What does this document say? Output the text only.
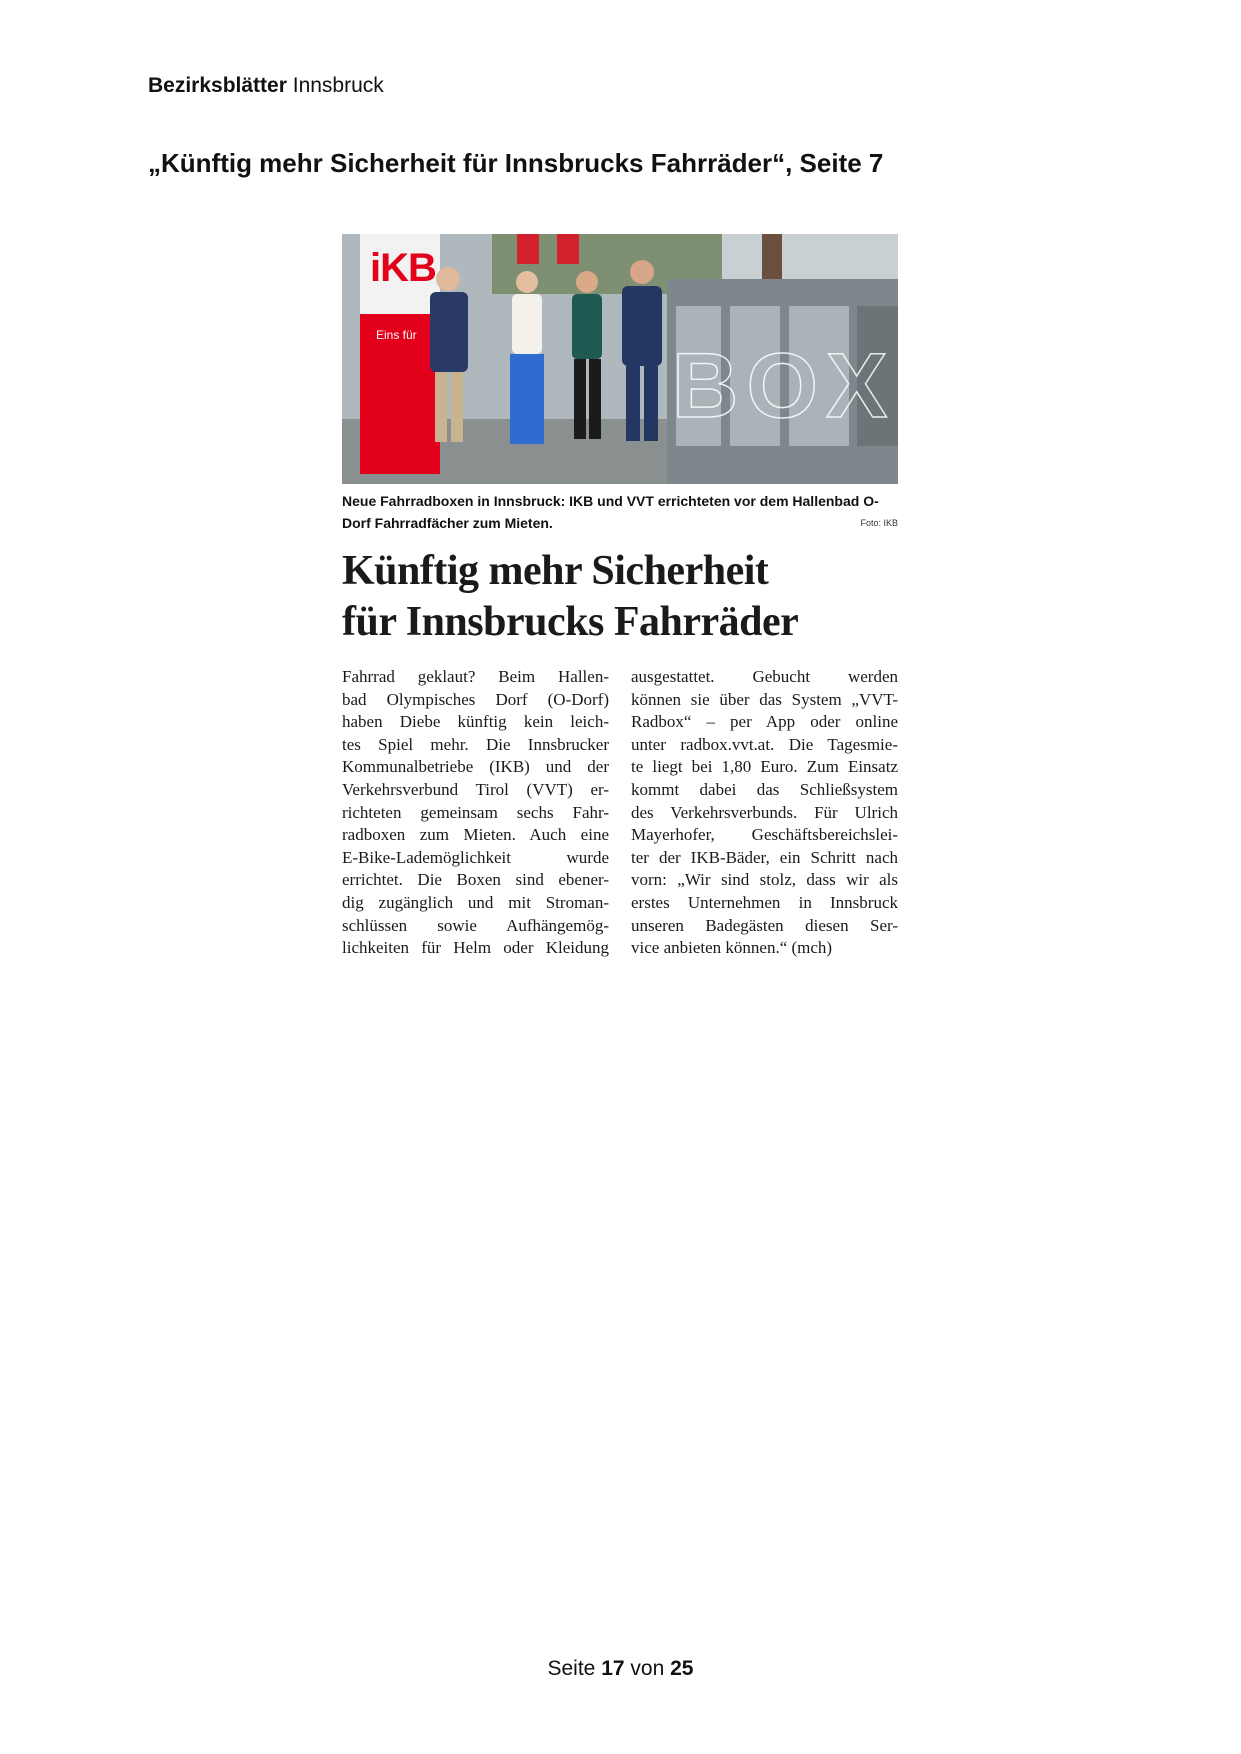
Bezirksblätter Innsbruck
„Künftig mehr Sicherheit für Innsbrucks Fahrräder“, Seite 7
iKB
Eins für	BOX
Neue Fahrradboxen in Innsbruck: IKB und VVT errichteten vor dem Hallenbad O-Dorf Fahrradfächer zum Mieten.	Foto: IKB
Künftig mehr Sicherheit
für Innsbrucks Fahrräder
Fahrrad geklaut? Beim Hallen-
bad Olympisches Dorf (O-Dorf)
haben Diebe künftig kein leich-
tes Spiel mehr. Die Innsbrucker
Kommunalbetriebe (IKB) und der
Verkehrsverbund Tirol (VVT) er-
richteten gemeinsam sechs Fahr-
radboxen zum Mieten. Auch eine
E-Bike-Lademöglichkeit wurde
errichtet. Die Boxen sind ebener-
dig zugänglich und mit Stroman-
schlüssen sowie Aufhängemög-
lichkeiten für Helm oder Kleidung
ausgestattet. Gebucht werden
können sie über das System „VVT-
Radbox“ – per App oder online
unter radbox.vvt.at. Die Tagesmie-
te liegt bei 1,80 Euro. Zum Einsatz
kommt dabei das Schließsystem
des Verkehrsverbunds. Für Ulrich
Mayerhofer, Geschäftsbereichslei-
ter der IKB-Bäder, ein Schritt nach
vorn: „Wir sind stolz, dass wir als
erstes Unternehmen in Innsbruck
unseren Badegästen diesen Ser-
vice anbieten können.“ (mch)
Seite 17 von 25
